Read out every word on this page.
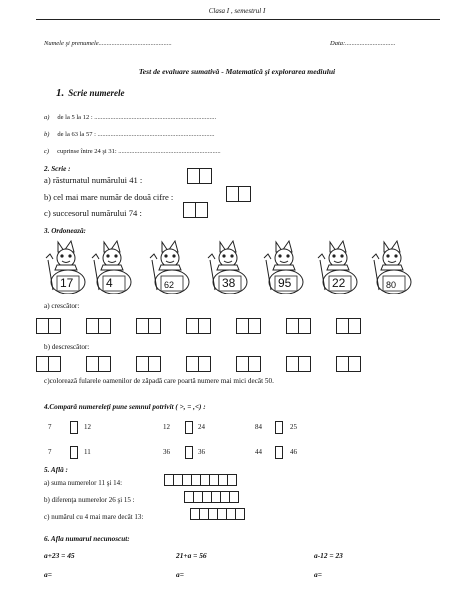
Clasa I , semestrul I
Numele şi prenumele.............................................	Data:...............................
Test de evaluare sumativă - Matematică şi explorarea mediului
1. Scrie numerele
a) de la 5 la 12 : ...........................................................................
b) de la 63 la 57 : ........................................................................
c) cuprinse între 24 şi 31: ...............................................................
2. Scrie :
a) răsturnatul numărului 41 :
b) cel mai mare număr de două cifre :
c) succesorul numărului 74 :
3. Ordonează:
a) crescător:
b) descrescător:
c)colorează fularele oamenilor de zăpadă care poartă numere mai mici decât 50.
4.Comparǎ numereleţi pune semnul potrivit ( >, = ,<) :
5. Află :
a) suma numerelor 11 şi 14:
b) diferenţa numerelor 26 şi 15 :
c) numărul cu 4 mai mare decât 13:
6. Afla numarul necunoscut:
a+23 = 45	21+a = 56	a-12 = 23
a=	a=	a=
17	4	62	38	95	22	80
7	12	12	24	84	25
7	11	36	36	44	46
